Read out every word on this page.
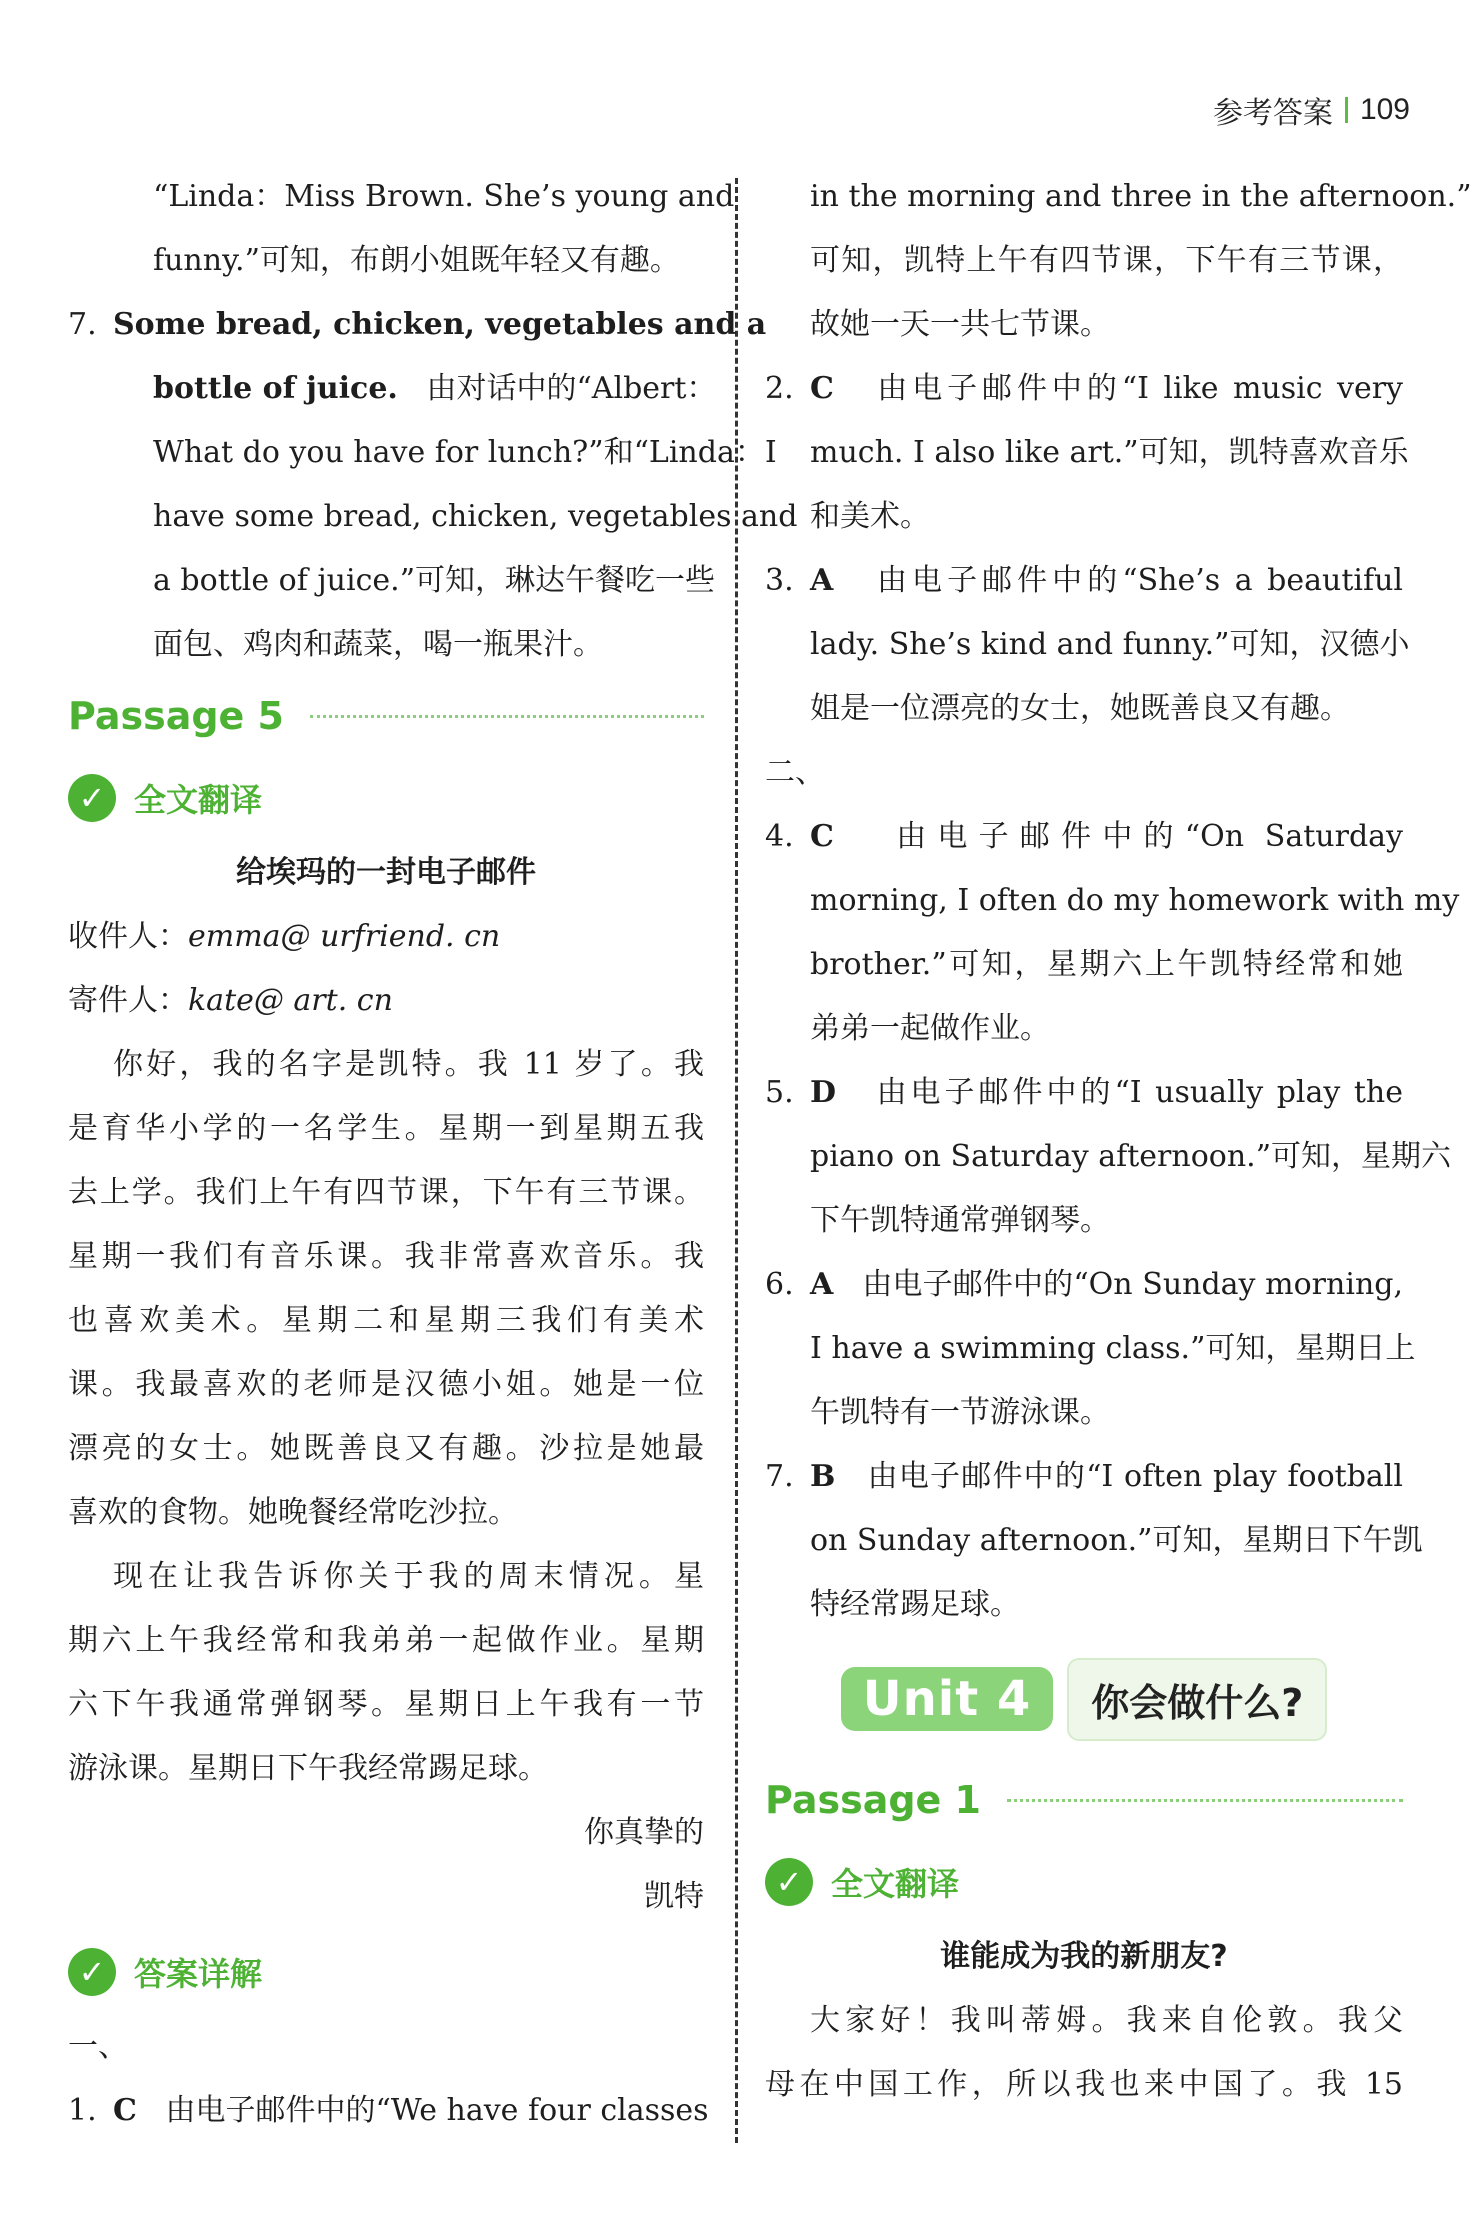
参考答案 109
“Linda：Miss Brown. She’s young and
funny.”可知，布朗小姐既年轻又有趣。
7. Some bread, chicken, vegetables and a
bottle of juice. 由对话中的“Albert：
What do you have for lunch?”和“Linda：I
have some bread, chicken, vegetables and
a bottle of juice.”可知，琳达午餐吃一些
面包、鸡肉和蔬菜，喝一瓶果汁。
Passage 5
✓ 全文翻译
给埃玛的一封电子邮件
收件人：emma@ urfriend. cn
寄件人：kate@ art. cn
你好，我的名字是凯特。我 11 岁了。我
是育华小学的一名学生。星期一到星期五我
去上学。我们上午有四节课，下午有三节课。
星期一我们有音乐课。我非常喜欢音乐。我
也喜欢美术。星期二和星期三我们有美术
课。我最喜欢的老师是汉德小姐。她是一位
漂亮的女士。她既善良又有趣。沙拉是她最
喜欢的食物。她晚餐经常吃沙拉。
现在让我告诉你关于我的周末情况。星
期六上午我经常和我弟弟一起做作业。星期
六下午我通常弹钢琴。星期日上午我有一节
游泳课。星期日下午我经常踢足球。
你真挚的
凯特
✓ 答案详解
一、
1. C 由电子邮件中的“We have four classes
in the morning and three in the afternoon.”
可知，凯特上午有四节课，下午有三节课，
故她一天一共七节课。
2. C 由电子邮件中的“I like music very
much. I also like art.”可知，凯特喜欢音乐
和美术。
3. A 由电子邮件中的“She’s a beautiful
lady. She’s kind and funny.”可知，汉德小
姐是一位漂亮的女士，她既善良又有趣。
二、
4. C 由电子邮件中的“On Saturday
morning, I often do my homework with my
brother.”可知，星期六上午凯特经常和她
弟弟一起做作业。
5. D 由电子邮件中的“I usually play the
piano on Saturday afternoon.”可知，星期六
下午凯特通常弹钢琴。
6. A 由电子邮件中的“On Sunday morning,
I have a swimming class.”可知，星期日上
午凯特有一节游泳课。
7. B 由电子邮件中的“I often play football
on Sunday afternoon.”可知，星期日下午凯
特经常踢足球。
Unit 4	你会做什么?
Passage 1
✓ 全文翻译
谁能成为我的新朋友?
大家好！我叫蒂姆。我来自伦敦。我父
母在中国工作，所以我也来中国了。我 15
